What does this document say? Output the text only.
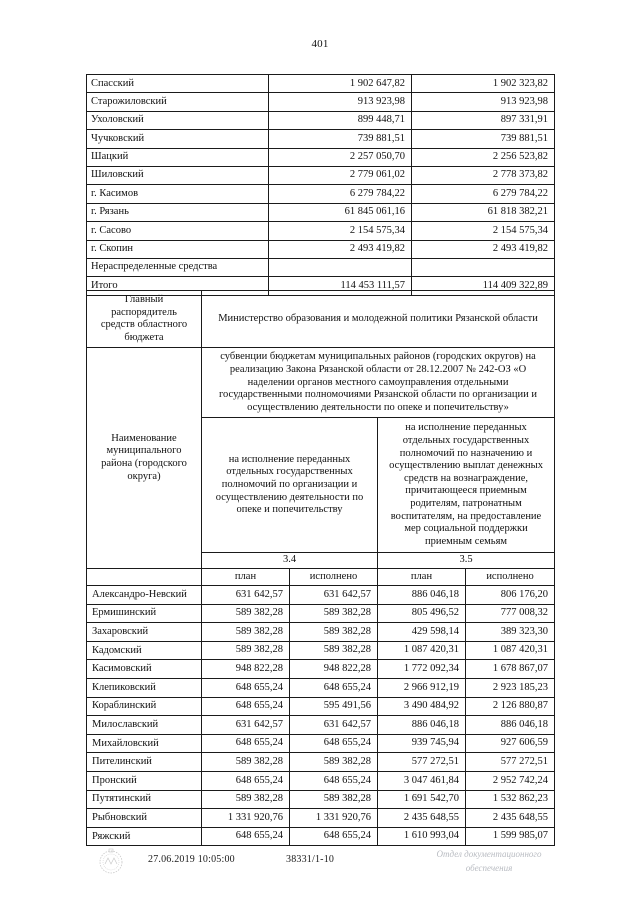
401
Спасский	1 902 647,82	1 902 323,82
Старожиловский	913 923,98	913 923,98
Ухоловский	899 448,71	897 331,91
Чучковский	739 881,51	739 881,51
Шацкий	2 257 050,70	2 256 523,82
Шиловский	2 779 061,02	2 778 373,82
г. Касимов	6 279 784,22	6 279 784,22
г. Рязань	61 845 061,16	61 818 382,21
г. Сасово	2 154 575,34	2 154 575,34
г. Скопин	2 493 419,82	2 493 419,82
Нераспределенные средства		
Итого	114 453 111,57	114 409 322,89
Главный распорядитель средств областного бюджета	Министерство образования и молодежной политики Рязанской области			
Наименование муниципального района (городского округа)	субвенции бюджетам муниципальных районов (городских округов) на реализацию Закона Рязанской области от 28.12.2007 № 242-ОЗ «О наделении органов местного самоуправления отдельными государственными полномочиями Рязанской области по организации и осуществлению деятельности по опеке и попечительству»			
	на исполнение переданных отдельных государственных полномочий по организации и осуществлению деятельности по опеке и попечительству		на исполнение переданных отдельных государственных полномочий по назначению и осуществлению выплат денежных средств на вознаграждение, причитающееся приемным родителям, патронатным воспитателям, на предоставление мер социальной поддержки приемным семьям	
	3.4		3.5	
	план	исполнено	план	исполнено
Александро-Невский	631 642,57	631 642,57	886 046,18	806 176,20
Ермишинский	589 382,28	589 382,28	805 496,52	777 008,32
Захаровский	589 382,28	589 382,28	429 598,14	389 323,30
Кадомский	589 382,28	589 382,28	1 087 420,31	1 087 420,31
Касимовский	948 822,28	948 822,28	1 772 092,34	1 678 867,07
Клепиковский	648 655,24	648 655,24	2 966 912,19	2 923 185,23
Кораблинский	648 655,24	595 491,56	3 490 484,92	2 126 880,87
Милославский	631 642,57	631 642,57	886 046,18	886 046,18
Михайловский	648 655,24	648 655,24	939 745,94	927 606,59
Пителинский	589 382,28	589 382,28	577 272,51	577 272,51
Пронский	648 655,24	648 655,24	3 047 461,84	2 952 742,24
Путятинский	589 382,28	589 382,28	1 691 542,70	1 532 862,23
Рыбновский	1 331 920,76	1 331 920,76	2 435 648,55	2 435 648,55
Ряжский	648 655,24	648 655,24	1 610 993,04	1 599 985,07
27.06.2019 10:05:00	38331/1-10	Отдел документационного
обеспечения
